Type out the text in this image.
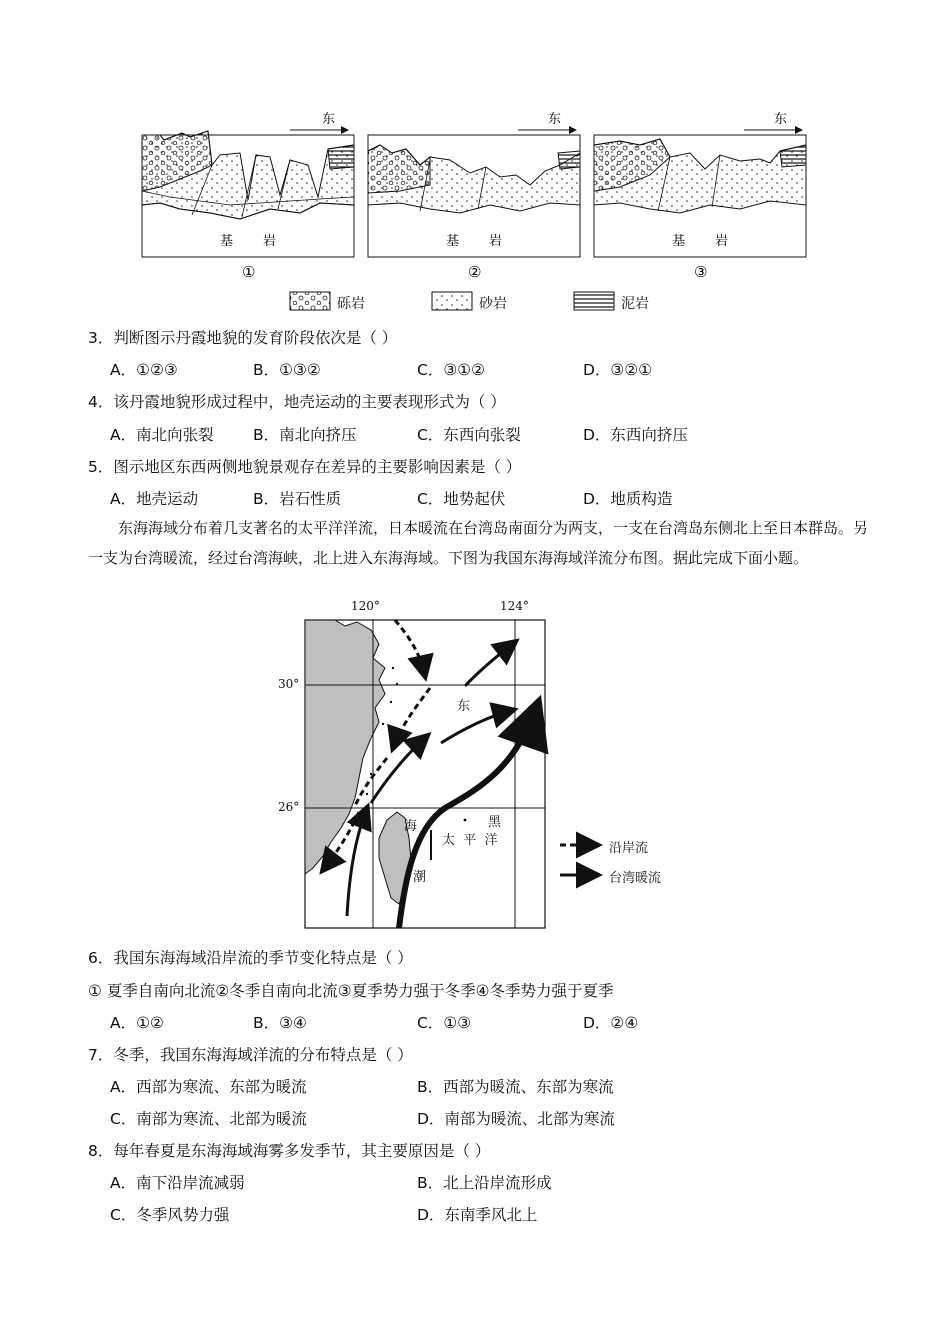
基 岩
①
东
基 岩
②
东
基 岩
③
东
砾岩	砂岩	泥岩
3．判断图示丹霞地貌的发育阶段依次是（ ）
A．①②③	B．①③②	C．③①②	D．③②①
4．该丹霞地貌形成过程中，地壳运动的主要表现形式为（ ）
A．南北向张裂	B．南北向挤压	C．东西向张裂	D．东西向挤压
5．图示地区东西两侧地貌景观存在差异的主要影响因素是（ ）
A．地壳运动	B．岩石性质	C．地势起伏	D．地质构造
东海海域分布着几支著名的太平洋洋流，日本暖流在台湾岛南面分为两支，一支在台湾岛东侧北上至日本群岛。另一支为台湾暖流，经过台湾海峡，北上进入东海海域。下图为我国东海海域洋流分布图。据此完成下面小题。
120°	124°
30°
26°
东
海	黑
潮
太  平  洋
沿岸流
台湾暖流
6．我国东海海域沿岸流的季节变化特点是（ ）
① 夏季自南向北流②冬季自南向北流③夏季势力强于冬季④冬季势力强于夏季
A．①②	B．③④	C．①③	D．②④
7．冬季，我国东海海域洋流的分布特点是（ ）
A．西部为寒流、东部为暖流	B．西部为暖流、东部为寒流
C．南部为寒流、北部为暖流	D．南部为暖流、北部为寒流
8．每年春夏是东海海域海雾多发季节，其主要原因是（ ）
A．南下沿岸流减弱	B．北上沿岸流形成
C．冬季风势力强	D．东南季风北上
